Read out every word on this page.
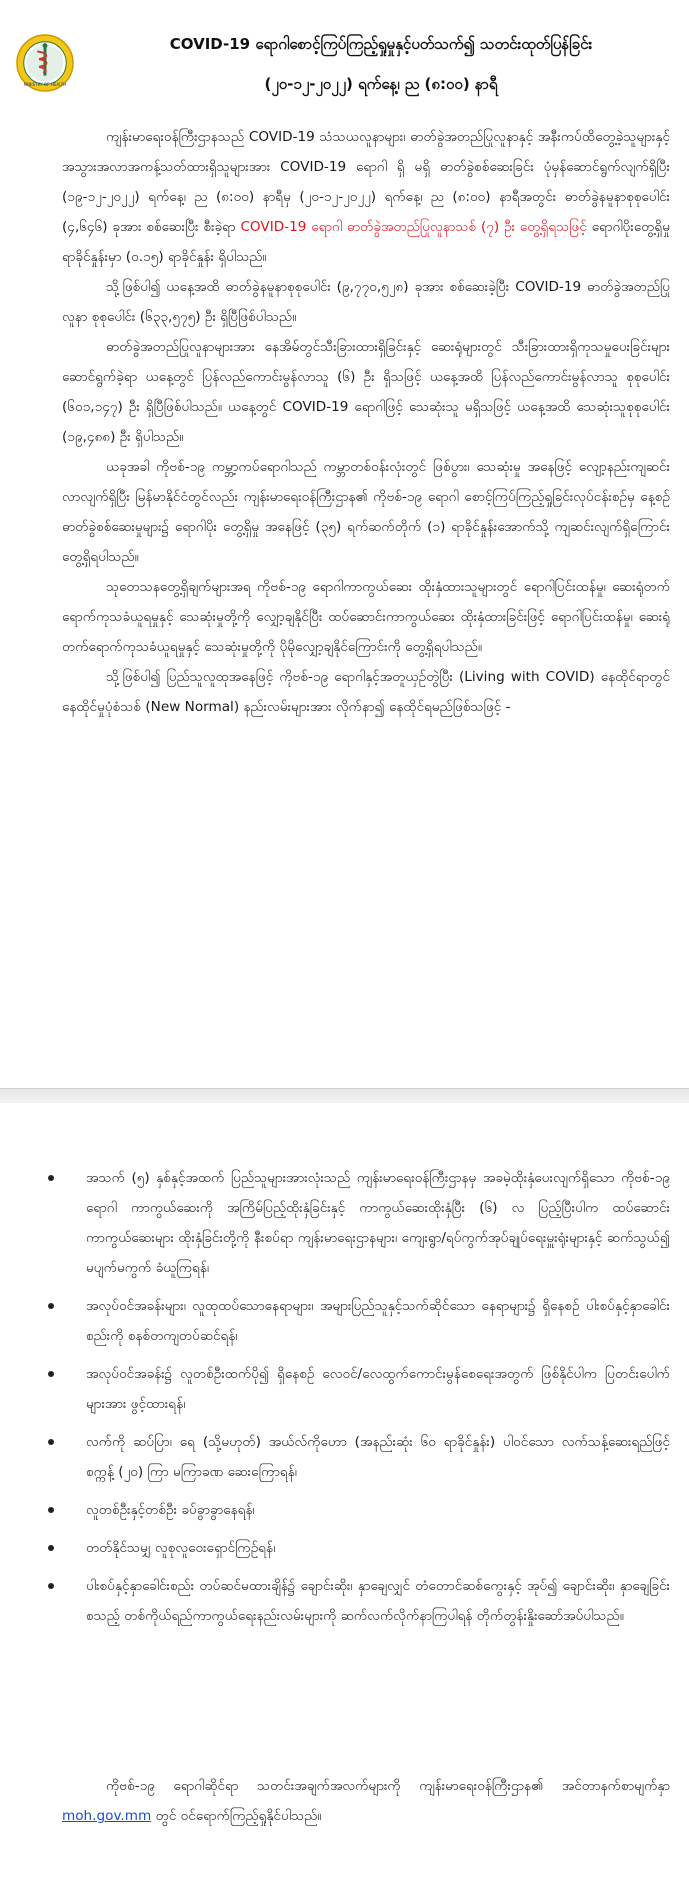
MINISTRY OF HEALTH
COVID-19 ရောဂါစောင့်ကြပ်ကြည့်ရှုမှုနှင့်ပတ်သက်၍ သတင်းထုတ်ပြန်ခြင်း
(၂၀-၁၂-၂၀၂၂) ရက်နေ့၊ ည (၈:၀၀) နာရီ

ကျန်းမာရေးဝန်ကြီးဌာနသည် COVID-19 သံသယလူနာများ၊ ဓာတ်ခွဲအတည်ပြုလူနာနှင့် အနီးကပ်ထိတွေ့ခဲ့သူများနှင့် အသွားအလာအကန့်သတ်ထားရှိသူများအား COVID-19 ရောဂါ ရှိ မရှိ ဓာတ်ခွဲစစ်ဆေးခြင်း ပုံမှန်ဆောင်ရွက်လျက်ရှိပြီး (၁၉-၁၂-၂၀၂၂) ရက်နေ့၊ ည (၈:၀၀) နာရီမှ (၂၀-၁၂-၂၀၂၂) ရက်နေ့၊ ည (၈:၀၀) နာရီအတွင်း ဓာတ်ခွဲနမူနာစုစုပေါင်း (၄,၆၄၆) ခုအား စစ်ဆေးပြီး စီးခဲ့ရာ COVID-19 ရောဂါ ဓာတ်ခွဲအတည်ပြုလူနာသစ် (၇) ဦး တွေ့ရှိရသဖြင့် ရောဂါပိုးတွေ့ရှိမှု ရာခိုင်နှုန်းမှာ (၀.၁၅) ရာခိုင်နှုန်း ရှိပါသည်။

သို့ဖြစ်ပါ၍ ယနေ့အထိ ဓာတ်ခွဲနမူနာစုစုပေါင်း (၉,၇၇၀,၅၂၈) ခုအား စစ်ဆေးခဲ့ပြီး COVID-19 ဓာတ်ခွဲအတည်ပြုလူနာ စုစုပေါင်း (၆၃၃,၅၇၅) ဦး ရှိပြီဖြစ်ပါသည်။

ဓာတ်ခွဲအတည်ပြုလူနာများအား နေအိမ်တွင်သီးခြားထားရှိခြင်းနှင့် ဆေးရုံများတွင် သီးခြားထားရှိကုသမှုပေးခြင်းများ ဆောင်ရွက်ခဲ့ရာ ယနေ့တွင် ပြန်လည်ကောင်းမွန်လာသူ (၆) ဦး ရှိသဖြင့် ယနေ့အထိ ပြန်လည်ကောင်းမွန်လာသူ စုစုပေါင်း (၆၀၁,၁၄၇) ဦး ရှိပြီဖြစ်ပါသည်။ ယနေ့တွင် COVID-19 ရောဂါဖြင့် သေဆုံးသူ မရှိသဖြင့် ယနေ့အထိ သေဆုံးသူစုစုပေါင်း (၁၉,၄၈၈) ဦး ရှိပါသည်။

ယခုအခါ ကိုဗစ်-၁၉ ကမ္ဘာ့ကပ်ရောဂါသည် ကမ္ဘာတစ်ဝန်းလုံးတွင် ဖြစ်ပွား၊ သေဆုံးမှု အနေဖြင့် လျော့နည်းကျဆင်းလာလျက်ရှိပြီး မြန်မာနိုင်ငံတွင်လည်း ကျန်းမာရေးဝန်ကြီးဌာန၏ ကိုဗစ်-၁၉ ရောဂါ စောင့်ကြပ်ကြည့်ရှုခြင်းလုပ်ငန်းစဉ်မှ နေ့စဉ်ဓာတ်ခွဲစစ်ဆေးမှုများ၌ ရောဂါပိုး တွေ့ရှိမှု အနေဖြင့် (၃၅) ရက်ဆက်တိုက် (၁) ရာခိုင်နှုန်းအောက်သို့ ကျဆင်းလျက်ရှိကြောင်း တွေ့ရှိရပါသည်။

သုတေသနတွေ့ရှိချက်များအရ ကိုဗစ်-၁၉ ရောဂါကာကွယ်ဆေး ထိုးနှံထားသူများတွင် ရောဂါပြင်းထန်မှု၊ ဆေးရုံတက်ရောက်ကုသခံယူရမှုနှင့် သေဆုံးမှုတို့ကို လျှော့ချနိုင်ပြီး ထပ်ဆောင်းကာကွယ်ဆေး ထိုးနှံထားခြင်းဖြင့် ရောဂါပြင်းထန်မှု၊ ဆေးရုံတက်ရောက်ကုသခံယူရမှုနှင့် သေဆုံးမှုတို့ကို ပိုမိုလျှော့ချနိုင်ကြောင်းကို တွေ့ရှိရပါသည်။

သို့ဖြစ်ပါ၍ ပြည်သူလူထုအနေဖြင့် ကိုဗစ်-၁၉ ရောဂါနှင့်အတူယှဉ်တွဲပြီး (Living with COVID) နေထိုင်ရာတွင် နေထိုင်မှုပုံစံသစ် (New Normal) နည်းလမ်းများအား လိုက်နာ၍ နေထိုင်ရမည်ဖြစ်သဖြင့် -

အသက် (၅) နှစ်နှင့်အထက် ပြည်သူများအားလုံးသည် ကျန်းမာရေးဝန်ကြီးဌာနမှ အခမဲ့ထိုးနှံပေးလျက်ရှိသော ကိုဗစ်-၁၉ ရောဂါ ကာကွယ်ဆေးကို အကြိမ်ပြည့်ထိုးနှံခြင်းနှင့် ကာကွယ်ဆေးထိုးနှံပြီး (၆) လ ပြည့်ပြီးပါက ထပ်ဆောင်းကာကွယ်ဆေးများ ထိုးနှံခြင်းတို့ကို နီးစပ်ရာ ကျန်းမာရေးဌာနများ၊ ကျေးရွာ/ရပ်ကွက်အုပ်ချုပ်ရေးမှူးရုံးများနှင့် ဆက်သွယ်၍ မပျက်မကွက် ခံယူကြရန်၊
အလုပ်ဝင်အခန်းများ၊ လူထုထပ်သောနေရာများ၊ အများပြည်သူနှင့်သက်ဆိုင်သော နေရာများ၌ ရှိနေစဉ် ပါးစပ်နှင့်နှာခေါင်းစည်းကို စနစ်တကျတပ်ဆင်ရန်၊
အလုပ်ဝင်အခန်း၌ လူတစ်ဦးထက်ပို၍ ရှိနေစဉ် လေဝင်/လေထွက်ကောင်းမွန်စေရေးအတွက် ဖြစ်နိုင်ပါက ပြတင်းပေါက်များအား ဖွင့်ထားရန်၊
လက်ကို ဆပ်ပြာ၊ ရေ (သို့မဟုတ်) အယ်လ်ကိုဟော (အနည်းဆုံး ၆၀ ရာခိုင်နှုန်း) ပါဝင်သော လက်သန့်ဆေးရည်ဖြင့် စက္ကန့် (၂၀) ကြာ မကြာခဏ ဆေးကြောရန်၊
လူတစ်ဦးနှင့်တစ်ဦး ခပ်ခွာခွာနေရန်၊
တတ်နိုင်သမျှ လူစုလူဝေးရှောင်ကြဉ်ရန်၊
ပါးစပ်နှင့်နှာခေါင်းစည်း တပ်ဆင်မထားချိန်၌ ချောင်းဆိုး၊ နှာချေလျှင် တံတောင်ဆစ်ကွေးနှင့် အုပ်၍ ချောင်းဆိုး၊ နှာချေခြင်းစသည့် တစ်ကိုယ်ရည်ကာကွယ်ရေးနည်းလမ်းများကို ဆက်လက်လိုက်နာကြပါရန် တိုက်တွန်းနှိုးဆော်အပ်ပါသည်။

ကိုဗစ်-၁၉ ရောဂါဆိုင်ရာ သတင်းအချက်အလက်များကို ကျန်းမာရေးဝန်ကြီးဌာန၏ အင်တာနက်စာမျက်နှာ moh.gov.mm တွင် ဝင်ရောက်ကြည့်ရှုနိုင်ပါသည်။
